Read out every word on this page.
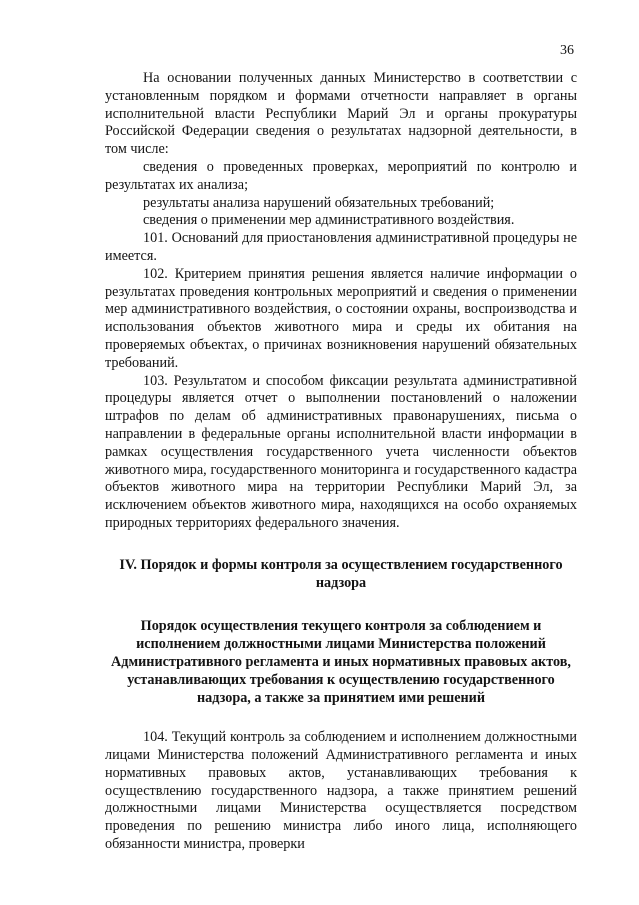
36

На основании полученных данных Министерство в соответствии с установленным порядком и формами отчетности направляет в органы исполнительной власти Республики Марий Эл и органы прокуратуры Российской Федерации сведения о результатах надзорной деятельности, в том числе:

сведения о проведенных проверках, мероприятий по контролю и результатах их анализа;

результаты анализа нарушений обязательных требований;

сведения о применении мер административного воздействия.

101. Оснований для приостановления административной процедуры не имеется.

102. Критерием принятия решения является наличие информации о результатах проведения контрольных мероприятий и сведения о применении мер административного воздействия, о состоянии охраны, воспроизводства и использования объектов животного мира и среды их обитания на проверяемых объектах, о причинах возникновения нарушений обязательных требований.

103. Результатом и способом фиксации результата административной процедуры является отчет о выполнении постановлений о наложении штрафов по делам об административных правонарушениях, письма о направлении в федеральные органы исполнительной власти информации в рамках осуществления государственного учета численности объектов животного мира, государственного мониторинга и государственного кадастра объектов животного мира на территории Республики Марий Эл, за исключением объектов животного мира, находящихся на особо охраняемых природных территориях федерального значения.

IV. Порядок и формы контроля за осуществлением государственного надзора
Порядок осуществления текущего контроля за соблюдением и исполнением должностными лицами Министерства положений Административного регламента и иных нормативных правовых актов, устанавливающих требования к осуществлению государственного надзора, а также за принятием ими решений

104. Текущий контроль за соблюдением и исполнением должностными лицами Министерства положений Административного регламента и иных нормативных правовых актов, устанавливающих требования к осуществлению государственного надзора, а также принятием решений должностными лицами Министерства осуществляется посредством проведения по решению министра либо иного лица, исполняющего обязанности министра, проверки
